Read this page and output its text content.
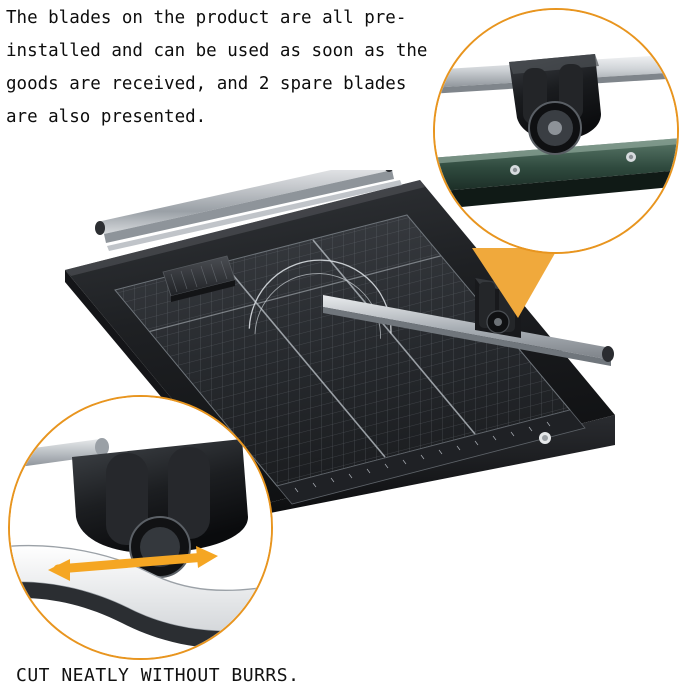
The blades on the product are all pre-installed and can be used as soon as the goods are received, and 2 spare blades are also presented.
CUT NEATLY WITHOUT BURRS.
